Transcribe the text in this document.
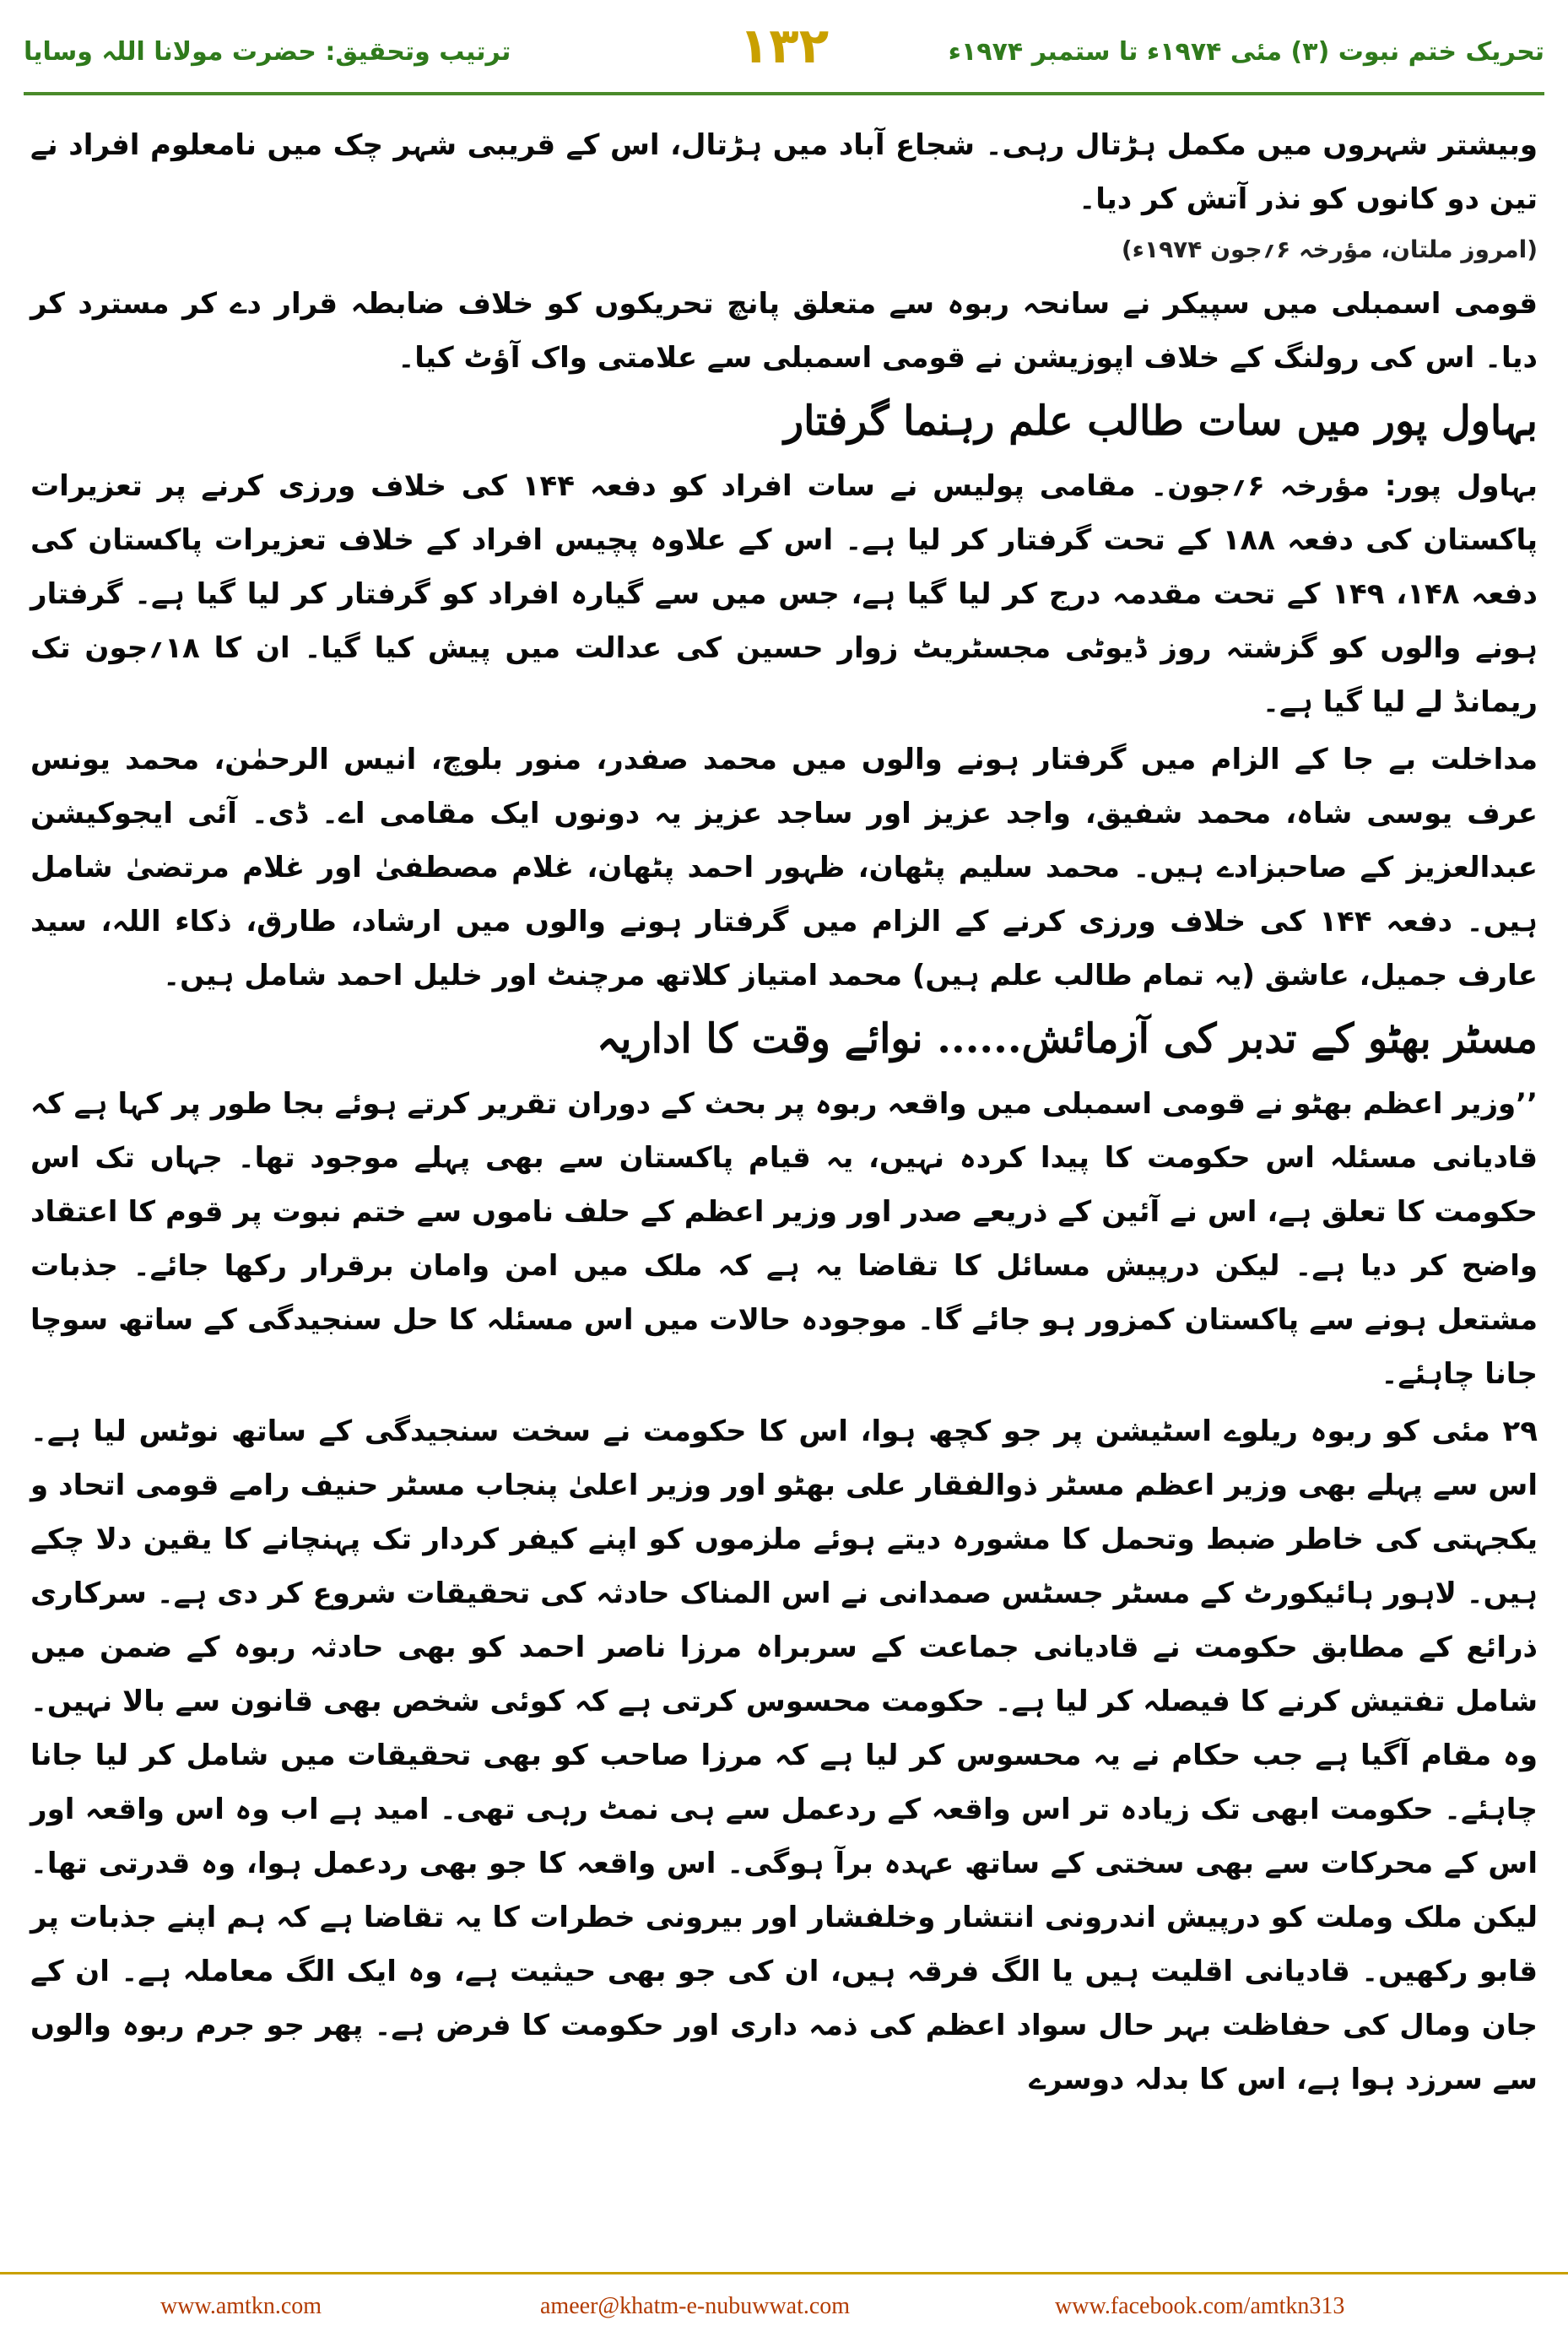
ترتیب وتحقیق: حضرت مولانا اللہ وسایا	۱۳۲	تحریک ختم نبوت (۳) مئی ۱۹۷۴ء تا ستمبر ۱۹۷۴ء

وبیشتر شہروں میں مکمل ہڑتال رہی۔ شجاع آباد میں ہڑتال، اس کے قریبی شہر چک میں نامعلوم افراد نے تین دو کانوں کو نذر آتش کر دیا۔

(امروز ملتان، مؤرخہ ۶؍جون ۱۹۷۴ء)

قومی اسمبلی میں سپیکر نے سانحہ ربوہ سے متعلق پانچ تحریکوں کو خلاف ضابطہ قرار دے کر مسترد کر دیا۔ اس کی رولنگ کے خلاف اپوزیشن نے قومی اسمبلی سے علامتی واک آؤٹ کیا۔

بہاول پور میں سات طالب علم رہنما گرفتار

بہاول پور: مؤرخہ ۶؍جون۔ مقامی پولیس نے سات افراد کو دفعہ ۱۴۴ کی خلاف ورزی کرنے پر تعزیرات پاکستان کی دفعہ ۱۸۸ کے تحت گرفتار کر لیا ہے۔ اس کے علاوہ پچیس افراد کے خلاف تعزیرات پاکستان کی دفعہ ۱۴۸، ۱۴۹ کے تحت مقدمہ درج کر لیا گیا ہے، جس میں سے گیارہ افراد کو گرفتار کر لیا گیا ہے۔ گرفتار ہونے والوں کو گزشتہ روز ڈیوٹی مجسٹریٹ زوار حسین کی عدالت میں پیش کیا گیا۔ ان کا ۱۸؍جون تک ریمانڈ لے لیا گیا ہے۔

مداخلت بے جا کے الزام میں گرفتار ہونے والوں میں محمد صفدر، منور بلوچ، انیس الرحمٰن، محمد یونس عرف یوسی شاہ، محمد شفیق، واجد عزیز اور ساجد عزیز یہ دونوں ایک مقامی اے۔ ڈی۔ آئی ایجوکیشن عبدالعزیز کے صاحبزادے ہیں۔ محمد سلیم پٹھان، ظہور احمد پٹھان، غلام مصطفیٰ اور غلام مرتضیٰ شامل ہیں۔ دفعہ ۱۴۴ کی خلاف ورزی کرنے کے الزام میں گرفتار ہونے والوں میں ارشاد، طارق، ذکاء اللہ، سید عارف جمیل، عاشق (یہ تمام طالب علم ہیں) محمد امتیاز کلاتھ مرچنٹ اور خلیل احمد شامل ہیں۔

مسٹر بھٹو کے تدبر کی آزمائش...... نوائے وقت کا اداریہ

’’وزیر اعظم بھٹو نے قومی اسمبلی میں واقعہ ربوہ پر بحث کے دوران تقریر کرتے ہوئے بجا طور پر کہا ہے کہ قادیانی مسئلہ اس حکومت کا پیدا کردہ نہیں، یہ قیام پاکستان سے بھی پہلے موجود تھا۔ جہاں تک اس حکومت کا تعلق ہے، اس نے آئین کے ذریعے صدر اور وزیر اعظم کے حلف ناموں سے ختم نبوت پر قوم کا اعتقاد واضح کر دیا ہے۔ لیکن درپیش مسائل کا تقاضا یہ ہے کہ ملک میں امن وامان برقرار رکھا جائے۔ جذبات مشتعل ہونے سے پاکستان کمزور ہو جائے گا۔ موجودہ حالات میں اس مسئلہ کا حل سنجیدگی کے ساتھ سوچا جانا چاہئے۔

۲۹ مئی کو ربوہ ریلوے اسٹیشن پر جو کچھ ہوا، اس کا حکومت نے سخت سنجیدگی کے ساتھ نوٹس لیا ہے۔ اس سے پہلے بھی وزیر اعظم مسٹر ذوالفقار علی بھٹو اور وزیر اعلیٰ پنجاب مسٹر حنیف رامے قومی اتحاد و یکجہتی کی خاطر ضبط وتحمل کا مشورہ دیتے ہوئے ملزموں کو اپنے کیفر کردار تک پہنچانے کا یقین دلا چکے ہیں۔ لاہور ہائیکورٹ کے مسٹر جسٹس صمدانی نے اس المناک حادثہ کی تحقیقات شروع کر دی ہے۔ سرکاری ذرائع کے مطابق حکومت نے قادیانی جماعت کے سربراہ مرزا ناصر احمد کو بھی حادثہ ربوہ کے ضمن میں شامل تفتیش کرنے کا فیصلہ کر لیا ہے۔ حکومت محسوس کرتی ہے کہ کوئی شخص بھی قانون سے بالا نہیں۔ وہ مقام آگیا ہے جب حکام نے یہ محسوس کر لیا ہے کہ مرزا صاحب کو بھی تحقیقات میں شامل کر لیا جانا چاہئے۔ حکومت ابھی تک زیادہ تر اس واقعہ کے ردعمل سے ہی نمٹ رہی تھی۔ امید ہے اب وہ اس واقعہ اور اس کے محرکات سے بھی سختی کے ساتھ عہدہ برآ ہوگی۔ اس واقعہ کا جو بھی ردعمل ہوا، وہ قدرتی تھا۔ لیکن ملک وملت کو درپیش اندرونی انتشار وخلفشار اور بیرونی خطرات کا یہ تقاضا ہے کہ ہم اپنے جذبات پر قابو رکھیں۔ قادیانی اقلیت ہیں یا الگ فرقہ ہیں، ان کی جو بھی حیثیت ہے، وہ ایک الگ معاملہ ہے۔ ان کے جان ومال کی حفاظت بہر حال سواد اعظم کی ذمہ داری اور حکومت کا فرض ہے۔ پھر جو جرم ربوہ والوں سے سرزد ہوا ہے، اس کا بدلہ دوسرے

www.amtkn.com	ameer@khatm-e-nubuwwat.com	www.facebook.com/amtkn313
